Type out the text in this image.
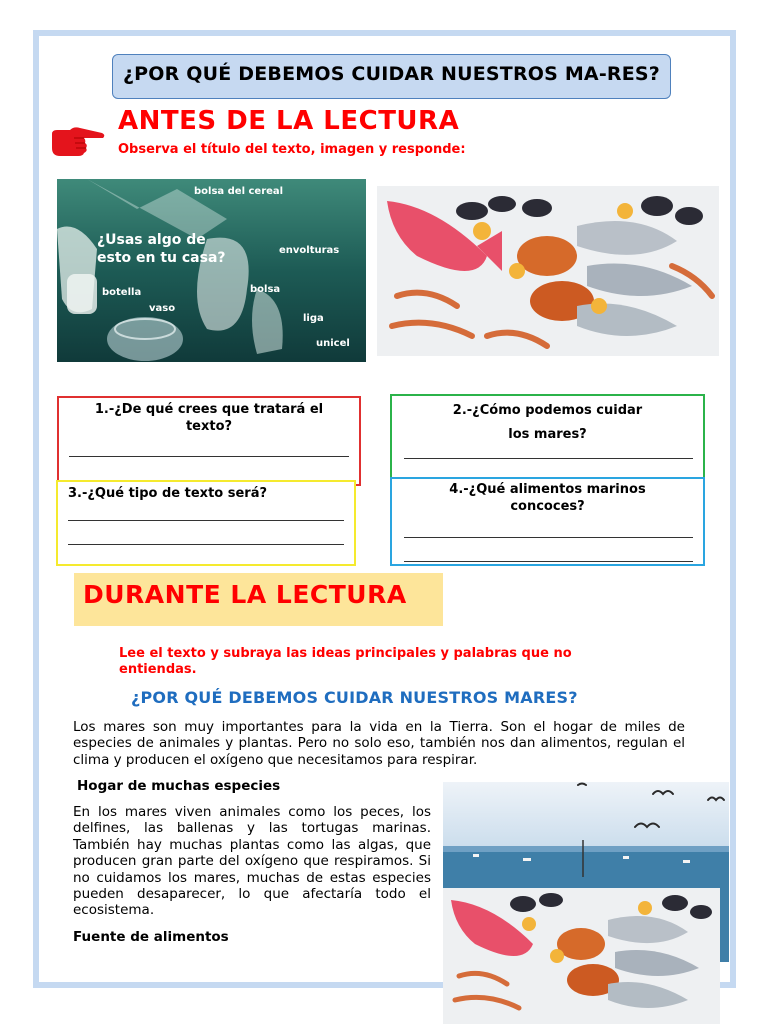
¿POR QUÉ DEBEMOS CUIDAR NUESTROS MA-RES?
ANTES DE LA LECTURA
Observa el título del texto, imagen y responde:
¿Usas algo de esto en tu casa?
bolsa del cereal
envolturas
botella	bolsa
vaso
liga
unicel
1.-¿De qué crees que tratará el texto?
2.-¿Cómo podemos cuidar los mares?
3.-¿Qué tipo de texto será?	4.-¿Qué alimentos marinos concoces?
DURANTE LA LECTURA
Lee el texto y subraya las ideas principales y palabras que no entiendas.
¿POR QUÉ DEBEMOS CUIDAR NUESTROS MARES?
Los mares son muy importantes para la vida en la Tierra. Son el hogar de miles de especies de animales y plantas. Pero no solo eso, también nos dan alimentos, regulan el clima y producen el oxígeno que necesitamos para respirar.
Hogar de muchas especies
En los mares viven animales como los peces, los delfines, las ballenas y las tortugas marinas. También hay muchas plantas como las algas, que producen gran parte del oxígeno que respiramos. Si no cuidamos los mares, muchas de estas especies pueden desaparecer, lo que afectaría todo el ecosistema.
Fuente de alimentos
